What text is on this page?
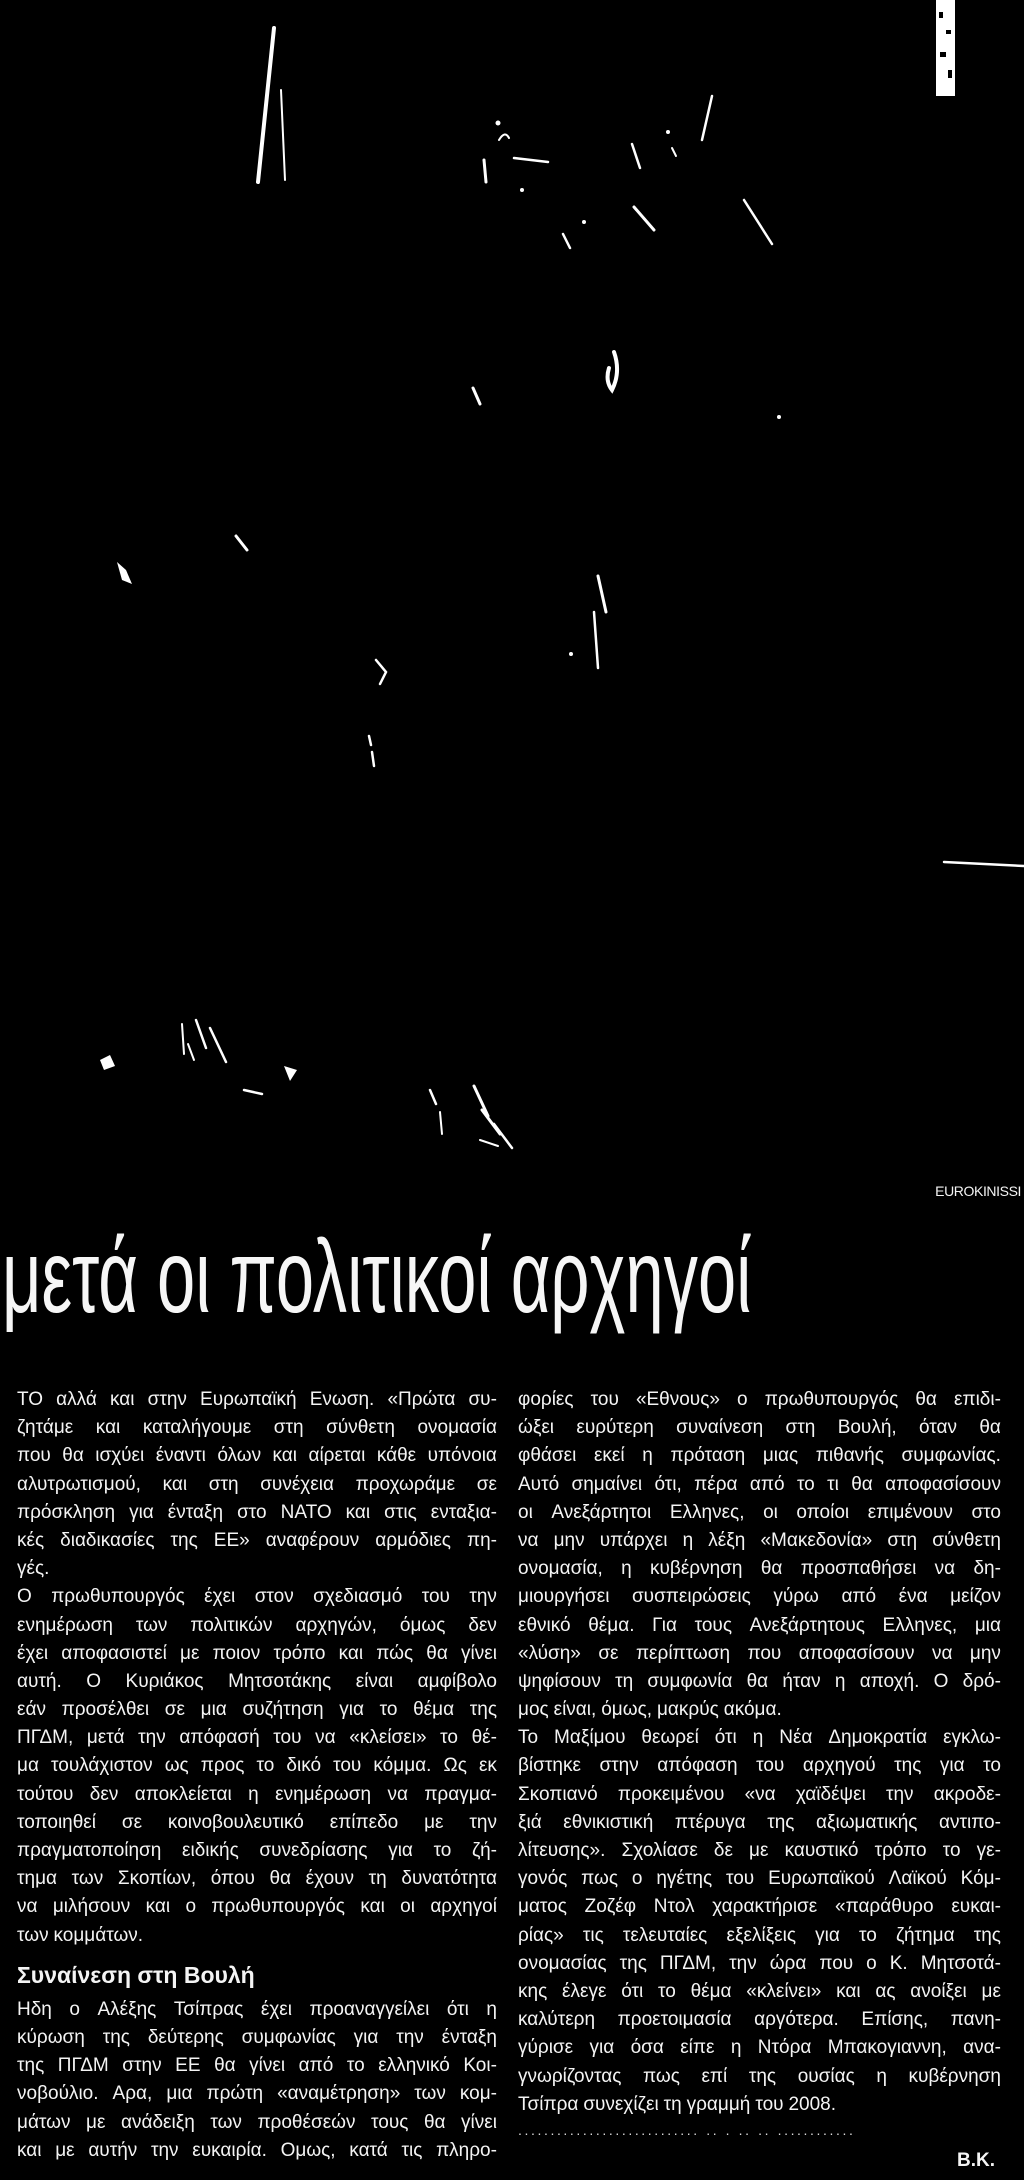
EUROKINISSI
μετά οι πολιτικοί αρχηγοί
ΤΟ αλλά και στην Ευρωπαϊκή Ενωση. «Πρώτα συ-
ζητάμε και καταλήγουμε στη σύνθετη ονομασία
που θα ισχύει έναντι όλων και αίρεται κάθε υπόνοια
αλυτρωτισμού, και στη συνέχεια προχωράμε σε
πρόσκληση για ένταξη στο ΝΑΤΟ και στις ενταξια-
κές διαδικασίες της ΕΕ» αναφέρουν αρμόδιες πη-
γές.
Ο πρωθυπουργός έχει στον σχεδιασμό του την
ενημέρωση των πολιτικών αρχηγών, όμως δεν
έχει αποφασιστεί με ποιον τρόπο και πώς θα γίνει
αυτή. Ο Κυριάκος Μητσοτάκης είναι αμφίβολο
εάν προσέλθει σε μια συζήτηση για το θέμα της
ΠΓΔΜ, μετά την απόφασή του να «κλείσει» το θέ-
μα τουλάχιστον ως προς το δικό του κόμμα. Ως εκ
τούτου δεν αποκλείεται η ενημέρωση να πραγμα-
τοποιηθεί σε κοινοβουλευτικό επίπεδο με την
πραγματοποίηση ειδικής συνεδρίασης για το ζή-
τημα των Σκοπίων, όπου θα έχουν τη δυνατότητα
να μιλήσουν και ο πρωθυπουργός και οι αρχηγοί
των κομμάτων.
Συναίνεση στη Βουλή
Ηδη ο Αλέξης Τσίπρας έχει προαναγγείλει ότι η
κύρωση της δεύτερης συμφωνίας για την ένταξη
της ΠΓΔΜ στην ΕΕ θα γίνει από το ελληνικό Κοι-
νοβούλιο. Αρα, μια πρώτη «αναμέτρηση» των κομ-
μάτων με ανάδειξη των προθέσεών τους θα γίνει
και με αυτήν την ευκαιρία. Ομως, κατά τις πληρο-
φορίες του «Εθνους» ο πρωθυπουργός θα επιδι-
ώξει ευρύτερη συναίνεση στη Βουλή, όταν θα
φθάσει εκεί η πρόταση μιας πιθανής συμφωνίας.
Αυτό σημαίνει ότι, πέρα από το τι θα αποφασίσουν
οι Ανεξάρτητοι Ελληνες, οι οποίοι επιμένουν στο
να μην υπάρχει η λέξη «Μακεδονία» στη σύνθετη
ονομασία, η κυβέρνηση θα προσπαθήσει να δη-
μιουργήσει συσπειρώσεις γύρω από ένα μείζον
εθνικό θέμα. Για τους Ανεξάρτητους Ελληνες, μια
«λύση» σε περίπτωση που αποφασίσουν να μην
ψηφίσουν τη συμφωνία θα ήταν η αποχή. Ο δρό-
μος είναι, όμως, μακρύς ακόμα.
Το Μαξίμου θεωρεί ότι η Νέα Δημοκρατία εγκλω-
βίστηκε στην απόφαση του αρχηγού της για το
Σκοπιανό προκειμένου «να χαϊδέψει την ακροδε-
ξιά εθνικιστική πτέρυγα της αξιωματικής αντιπο-
λίτευσης». Σχολίασε δε με καυστικό τρόπο το γε-
γονός πως ο ηγέτης του Ευρωπαϊκού Λαϊκού Κόμ-
ματος Ζοζέφ Ντολ χαρακτήρισε «παράθυρο ευκαι-
ρίας» τις τελευταίες εξελίξεις για το ζήτημα της
ονομασίας της ΠΓΔΜ, την ώρα που ο Κ. Μητσοτά-
κης έλεγε ότι το θέμα «κλείνει» και ας ανοίξει με
καλύτερη προετοιμασία αργότερα. Επίσης, πανη-
γύρισε για όσα είπε η Ντόρα Μπακογιαννη, ανα-
γνωρίζοντας πως επί της ουσίας η κυβέρνηση
Τσίπρα συνεχίζει τη γραμμή του 2008.
............................ .. . .. .. ............
Β.Κ.
